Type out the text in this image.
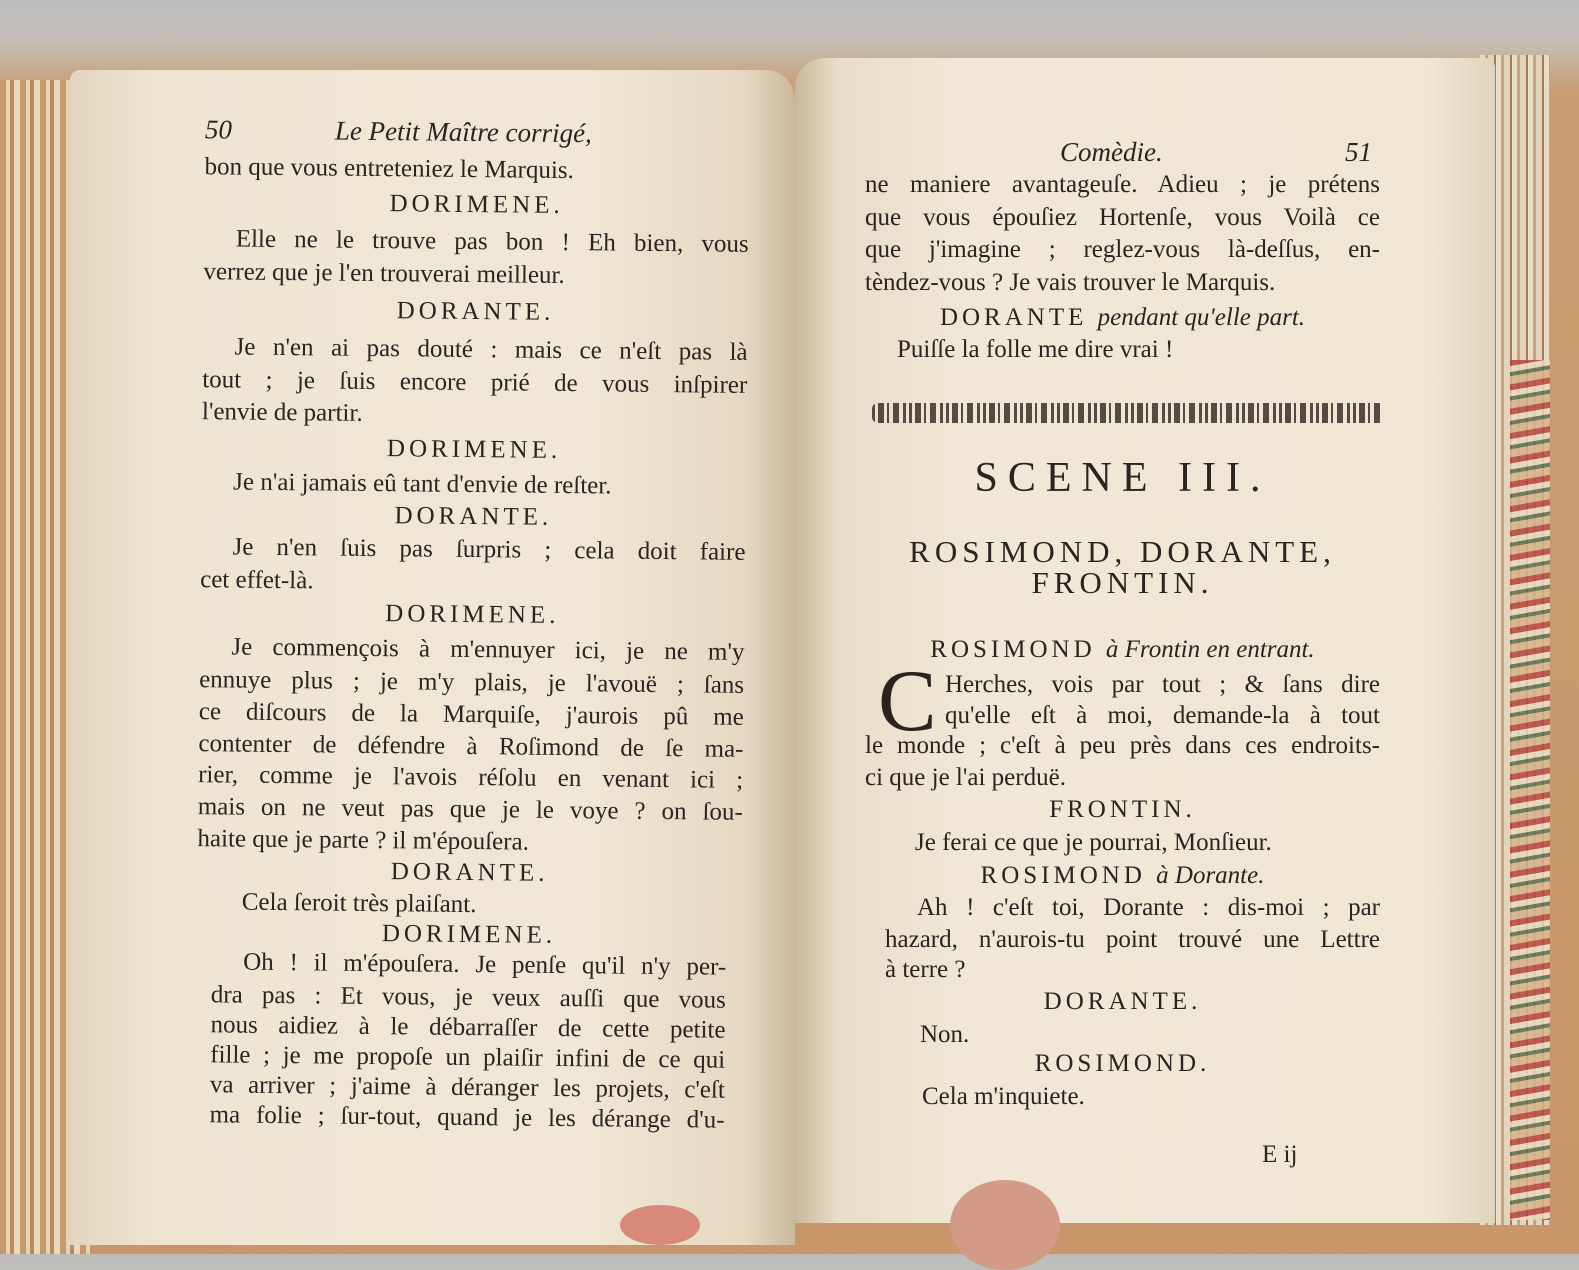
50	Le Petit Maître corrigé,
bon que vous entreteniez le Marquis.
DORIMENE.
Elle ne le trouve pas bon ! Eh bien, vous
verrez que je l'en trouverai meilleur.
DORANTE.
Je n'en ai pas douté : mais ce n'eſt pas là
tout ; je ſuis encore prié de vous inſpirer
l'envie de partir.
DORIMENE.
Je n'ai jamais eû tant d'envie de reſter.
DORANTE.
Je n'en ſuis pas ſurpris ; cela doit faire
cet effet-là.
DORIMENE.
Je commençois à m'ennuyer ici, je ne m'y
ennuye plus ; je m'y plais, je l'avouë ; ſans
ce diſcours de la Marquiſe, j'aurois pû me
contenter de défendre à Roſimond de ſe ma-
rier, comme je l'avois réſolu en venant ici ;
mais on ne veut pas que je le voye ? on ſou-
haite que je parte ? il m'épouſera.
DORANTE.
Cela ſeroit très plaiſant.
DORIMENE.
Oh ! il m'épouſera. Je penſe qu'il n'y per-
dra pas : Et vous, je veux auſſi que vous
nous aidiez à le débarraſſer de cette petite
fille ; je me propoſe un plaiſir infini de ce qui
va arriver ; j'aime à déranger les projets, c'eſt
ma folie ; ſur-tout, quand je les dérange d'u-
Comèdie.	51
ne maniere avantageuſe. Adieu ; je prétens
que vous épouſiez Hortenſe, vous Voilà ce
que j'imagine ; reglez-vous là-deſſus, en-
tèndez-vous ? Je vais trouver le Marquis.
DORANTE pendant qu'elle part.
Puiſſe la folle me dire vrai !
SCENE III.
ROSIMOND, DORANTE,
FRONTIN.
ROSIMOND à Frontin en entrant.
C Herches, vois par tout ; & ſans dire
qu'elle eſt à moi, demande-la à tout
le monde ; c'eſt à peu près dans ces endroits-
ci que je l'ai perduë.
FRONTIN.
Je ferai ce que je pourrai, Monſieur.
ROSIMOND à Dorante.
Ah ! c'eſt toi, Dorante : dis-moi ; par
hazard, n'aurois-tu point trouvé une Lettre
à terre ?
DORANTE.
Non.
ROSIMOND.
Cela m'inquiete.
E ij
